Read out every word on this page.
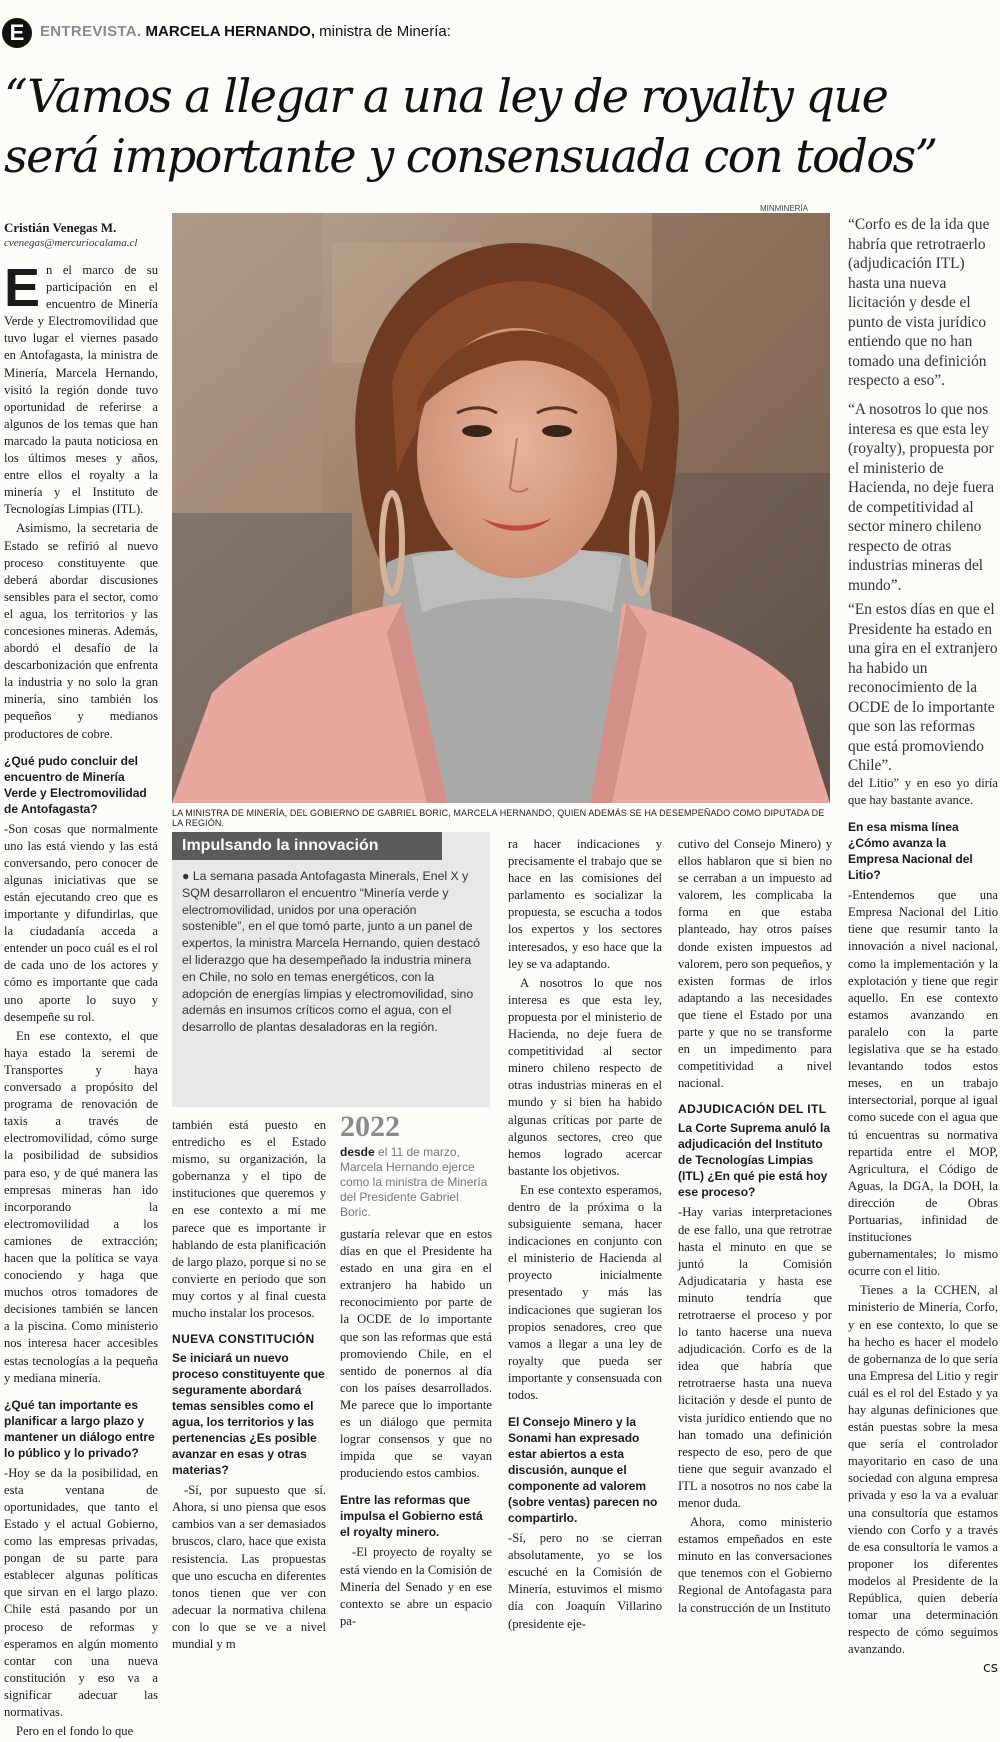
E	ENTREVISTA. MARCELA HERNANDO, ministra de Minería:
“Vamos a llegar a una ley de royalty que
será importante y consensuada con todos”
Cristián Venegas M.
cvenegas@mercuriocalama.cl
E n el marco de su participación en el encuentro de Minería Verde y Electromovilidad que tuvo lugar el viernes pasado en Antofagasta, la ministra de Minería, Marcela Hernando, visitó la región donde tuvo oportunidad de referirse a algunos de los temas que han marcado la pauta noticiosa en los últimos meses y años, entre ellos el royalty a la minería y el Instituto de Tecnologías Limpias (ITL).

Asimismo, la secretaria de Estado se refirió al nuevo proceso constituyente que deberá abordar discusiones sensibles para el sector, como el agua, los territorios y las concesiones mineras. Además, abordó el desafío de la descarbonización que enfrenta la industria y no solo la gran minería, sino también los pequeños y medianos productores de cobre.

¿Qué pudo concluir del encuentro de Minería Verde y Electromovilidad de Antofagasta?

-Son cosas que normalmente uno las está viendo y las está conversando, pero conocer de algunas iniciativas que se están ejecutando creo que es importante y difundirlas, que la ciudadanía acceda a entender un poco cuál es el rol de cada uno de los actores y cómo es importante que cada uno aporte lo suyo y desempeñe su rol.

En ese contexto, el que haya estado la seremi de Transportes y haya conversado a propósito del programa de renovación de taxis a través de electromovilidad, cómo surge la posibilidad de subsidios para eso, y de qué manera las empresas mineras han ido incorporando la electromovilidad a los camiones de extracción; hacen que la política se vaya conociendo y haga que muchos otros tomadores de decisiones también se lancen a la piscina. Como ministerio nos interesa hacer accesibles estas tecnologías a la pequeña y mediana minería.

¿Qué tan importante es planificar a largo plazo y mantener un diálogo entre lo público y lo privado?

-Hoy se da la posibilidad, en esta ventana de oportunidades, que tanto el Estado y el actual Gobierno, como las empresas privadas, pongan de su parte para establecer algunas políticas que sirvan en el largo plazo. Chile está pasando por un proceso de reformas y esperamos en algún momento contar con una nueva constitución y eso va a significar adecuar las normativas.

Pero en el fondo lo que

MINMINERÍA
LA MINISTRA DE MINERÍA, DEL GOBIERNO DE GABRIEL BORIC, MARCELA HERNANDO, QUIEN ADEMÁS SE HA DESEMPEÑADO COMO DIPUTADA DE LA REGIÓN.
Impulsando la innovación
● La semana pasada Antofagasta Minerals, Enel X y SQM desarrollaron el encuentro “Minería verde y electromovilidad, unidos por una operación sostenible”, en el que tomó parte, junto a un panel de expertos, la ministra Marcela Hernando, quien destacó el liderazgo que ha desempeñado la industria minera en Chile, no solo en temas energéticos, con la adopción de energías limpias y electromovilidad, sino además en insumos críticos como el agua, con el desarrollo de plantas desaladoras en la región.

también está puesto en entredicho es el Estado mismo, su organización, la gobernanza y el tipo de instituciones que queremos y en ese contexto a mí me parece que es importante ir hablando de esta planificación de largo plazo, porque si no se convierte en periodo que son muy cortos y al final cuesta mucho instalar los procesos.

NUEVA CONSTITUCIÓN
Se iniciará un nuevo proceso constituyente que seguramente abordará temas sensibles como el agua, los territorios y las pertenencias ¿Es posible avanzar en esas y otras materias?

-Sí, por supuesto que sí. Ahora, si uno piensa que esos cambios van a ser demasiados bruscos, claro, hace que exista resistencia. Las propuestas que uno escucha en diferentes tonos tienen que ver con adecuar la normativa chilena con lo que se ve a nivel mundial y m

2022
desde el 11 de marzo, Marcela Hernando ejerce como la ministra de Minería del Presidente Gabriel Boric.

gustaría relevar que en estos días en que el Presidente ha estado en una gira en el extranjero ha habido un reconocimiento por parte de la OCDE de lo importante que son las reformas que está promoviendo Chile, en el sentido de ponernos al día con los países desarrollados. Me parece que lo importante es un diálogo que permita lograr consensos y que no impida que se vayan produciendo estos cambios.

Entre las reformas que impulsa el Gobierno está el royalty minero.

-El proyecto de royalty se está viendo en la Comisión de Minería del Senado y en ese contexto se abre un espacio pa-

ra hacer indicaciones y precisamente el trabajo que se hace en las comisiones del parlamento es socializar la propuesta, se escucha a todos los expertos y los sectores interesados, y eso hace que la ley se va adaptando.

A nosotros lo que nos interesa es que esta ley, propuesta por el ministerio de Hacienda, no deje fuera de competitividad al sector minero chileno respecto de otras industrias mineras en el mundo y si bien ha habido algunas críticas por parte de algunos sectores, creo que hemos logrado acercar bastante los objetivos.

En ese contexto esperamos, dentro de la próxima o la subsiguiente semana, hacer indicaciones en conjunto con el ministerio de Hacienda al proyecto inicialmente presentado y más las indicaciones que sugieran los propios senadores, creo que vamos a llegar a una ley de royalty que pueda ser importante y consensuada con todos.

El Consejo Minero y la Sonami han expresado estar abiertos a esta discusión, aunque el componente ad valorem (sobre ventas) parecen no compartirlo.

-Sí, pero no se cierran absolutamente, yo se los escuché en la Comisión de Minería, estuvimos el mismo día con Joaquín Villarino (presidente eje-

cutivo del Consejo Minero) y ellos hablaron que si bien no se cerraban a un impuesto ad valorem, les complicaba la forma en que estaba planteado, hay otros países donde existen impuestos ad valorem, pero son pequeños, y existen formas de irlos adaptando a las necesidades que tiene el Estado por una parte y que no se transforme en un impedimento para competitividad a nivel nacional.

ADJUDICACIÓN DEL ITL
La Corte Suprema anuló la adjudicación del Instituto de Tecnologías Limpias (ITL) ¿En qué pie está hoy ese proceso?

-Hay varias interpretaciones de ese fallo, una que retrotrae hasta el minuto en que se juntó la Comisión Adjudicataria y hasta ese minuto tendría que retrotraerse el proceso y por lo tanto hacerse una nueva adjudicación. Corfo es de la idea que habría que retrotraerse hasta una nueva licitación y desde el punto de vista jurídico entiendo que no han tomado una definición respecto de eso, pero de que tiene que seguir avanzado el ITL a nosotros no nos cabe la menor duda.

Ahora, como ministerio estamos empeñados en este minuto en las conversaciones que tenemos con el Gobierno Regional de Antofagasta para la construcción de un Instituto

“Corfo es de la ida que habría que retrotraerlo (adjudicación ITL) hasta una nueva licitación y desde el punto de vista jurídico entiendo que no han tomado una definición respecto a eso”.
“A nosotros lo que nos interesa es que esta ley (royalty), propuesta por el ministerio de Hacienda, no deje fuera de competitividad al sector minero chileno respecto de otras industrias mineras del mundo”.
“En estos días en que el Presidente ha estado en una gira en el extranjero ha habido un reconocimiento de la OCDE de lo importante que son las reformas que está promoviendo Chile”.

del Litio” y en eso yo diría que hay bastante avance.

En esa misma línea ¿Cómo avanza la Empresa Nacional del Litio?

-Entendemos que una Empresa Nacional del Litio tiene que resumir tanto la innovación a nivel nacional, como la implementación y la explotación y tiene que regir aquello. En ese contexto estamos avanzando en paralelo con la parte legislativa que se ha estado levantando todos estos meses, en un trabajo intersectorial, porque al igual como sucede con el agua que tú encuentras su normativa repartida entre el MOP, Agricultura, el Código de Aguas, la DGA, la DOH, la dirección de Obras Portuarias, infinidad de instituciones gubernamentales; lo mismo ocurre con el litio.

Tienes a la CCHEN, al ministerio de Minería, Corfo, y en ese contexto, lo que se ha hecho es hacer el modelo de gobernanza de lo que sería una Empresa del Litio y regir cuál es el rol del Estado y ya hay algunas definiciones que están puestas sobre la mesa que sería el controlador mayoritario en caso de una sociedad con alguna empresa privada y eso la va a evaluar una consultoría que estamos viendo con Corfo y a través de esa consultoría le vamos a proponer los diferentes modelos al Presidente de la República, quien debería tomar una determinación respecto de cómo seguimos avanzando.

cs
